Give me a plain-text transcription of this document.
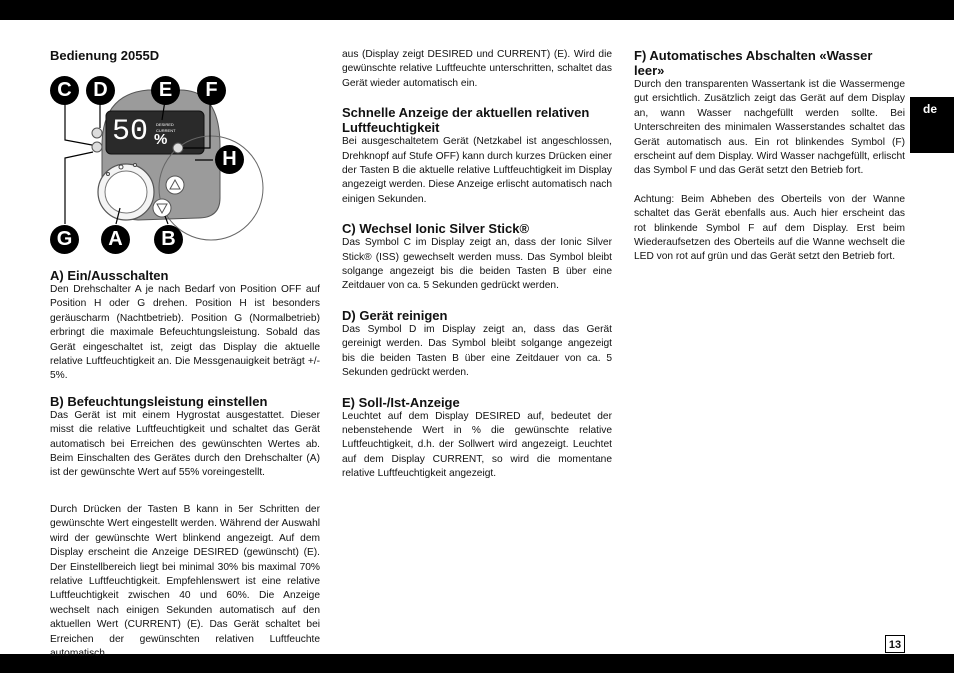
de
13
Bedienung 2055D
A) Ein/Ausschalten

Den Drehschalter A je nach Bedarf von Position OFF auf Position H oder G drehen. Position H ist besonders geräuscharm (Nachtbetrieb). Position G (Normalbetrieb) erbringt die maximale Befeuchtungsleistung. Sobald das Gerät eingeschaltet ist, zeigt das Display die aktuelle relative Luftfeuchtigkeit an. Die Messgenauigkeit beträgt +/- 5%.

B) Befeuchtungsleistung einstellen

Das Gerät ist mit einem Hygrostat ausgestattet. Dieser misst die relative Luftfeuchtigkeit und schaltet das Gerät automatisch bei Erreichen des gewünschten Wertes ab. Beim Einschalten des Gerätes durch den Drehschalter (A) ist der gewünschte Wert auf 55% voreingestellt.

Durch Drücken der Tasten B kann in 5er Schritten der gewünschte Wert eingestellt werden. Während der Auswahl wird der gewünschte Wert blinkend angezeigt. Auf dem Display erscheint die Anzeige DESIRED (gewünscht) (E). Der Einstellbereich liegt bei minimal 30% bis maximal 70% relative Luftfeuchtigkeit. Empfehlenswert ist eine relative Luftfeuchtigkeit zwischen 40 und 60%. Die Anzeige wechselt nach einigen Sekunden automatisch auf den aktuellen Wert (CURRENT) (E). Das Gerät schaltet bei Erreichen der gewünschten relativen Luftfeuchte automatisch

50 %
DESIRED
CURRENT
C	D	E	F
H
G	A	B

aus (Display zeigt DESIRED und CURRENT) (E). Wird die gewünschte relative Luftfeuchte unterschritten, schaltet das Gerät wieder automatisch ein.

Schnelle Anzeige der aktuellen relativen Luftfeuchtigkeit

Bei ausgeschaltetem Gerät (Netzkabel ist angeschlossen, Drehknopf auf Stufe OFF) kann durch kurzes Drücken einer der Tasten B die aktuelle relative Luftfeuchtigkeit im Display angezeigt werden. Diese Anzeige erlischt automatisch nach einigen Sekunden.

C) Wechsel Ionic Silver Stick®

Das Symbol C im Display zeigt an, dass der Ionic Silver Stick® (ISS) gewechselt werden muss. Das Symbol bleibt solgange angezeigt bis die beiden Tasten B über eine Zeitdauer von ca. 5 Sekunden gedrückt werden.

D) Gerät reinigen

Das Symbol D im Display zeigt an, dass das Gerät gereinigt werden. Das Symbol bleibt solgange angezeigt bis die beiden Tasten B über eine Zeitdauer von ca. 5 Sekunden gedrückt werden.

E) Soll-/Ist-Anzeige

Leuchtet auf dem Display DESIRED auf, bedeutet der nebenstehende Wert in % die gewünschte relative Luftfeuchtigkeit, d.h. der Sollwert wird angezeigt. Leuchtet auf dem Display CURRENT, so wird die momentane relative Luftfeuchtigkeit angezeigt.

F) Automatisches Abschalten «Wasser leer»

Durch den transparenten Wassertank ist die Wassermenge gut ersichtlich. Zusätzlich zeigt das Gerät auf dem Display an, wann Wasser nachgefüllt werden sollte. Bei Unterschreiten des minimalen Wasserstandes schaltet das Gerät automatisch aus. Ein rot blinkendes Symbol (F) erscheint auf dem Display. Wird Wasser nachgefüllt, erlischt das Symbol F und das Gerät setzt den Betrieb fort.

Achtung: Beim Abheben des Oberteils von der Wanne schaltet das Gerät ebenfalls aus. Auch hier erscheint das rot blinkende Symbol F auf dem Display. Erst beim Wiederaufsetzen des Oberteils auf die Wanne wechselt die LED von rot auf grün und das Gerät setzt den Betrieb fort.
